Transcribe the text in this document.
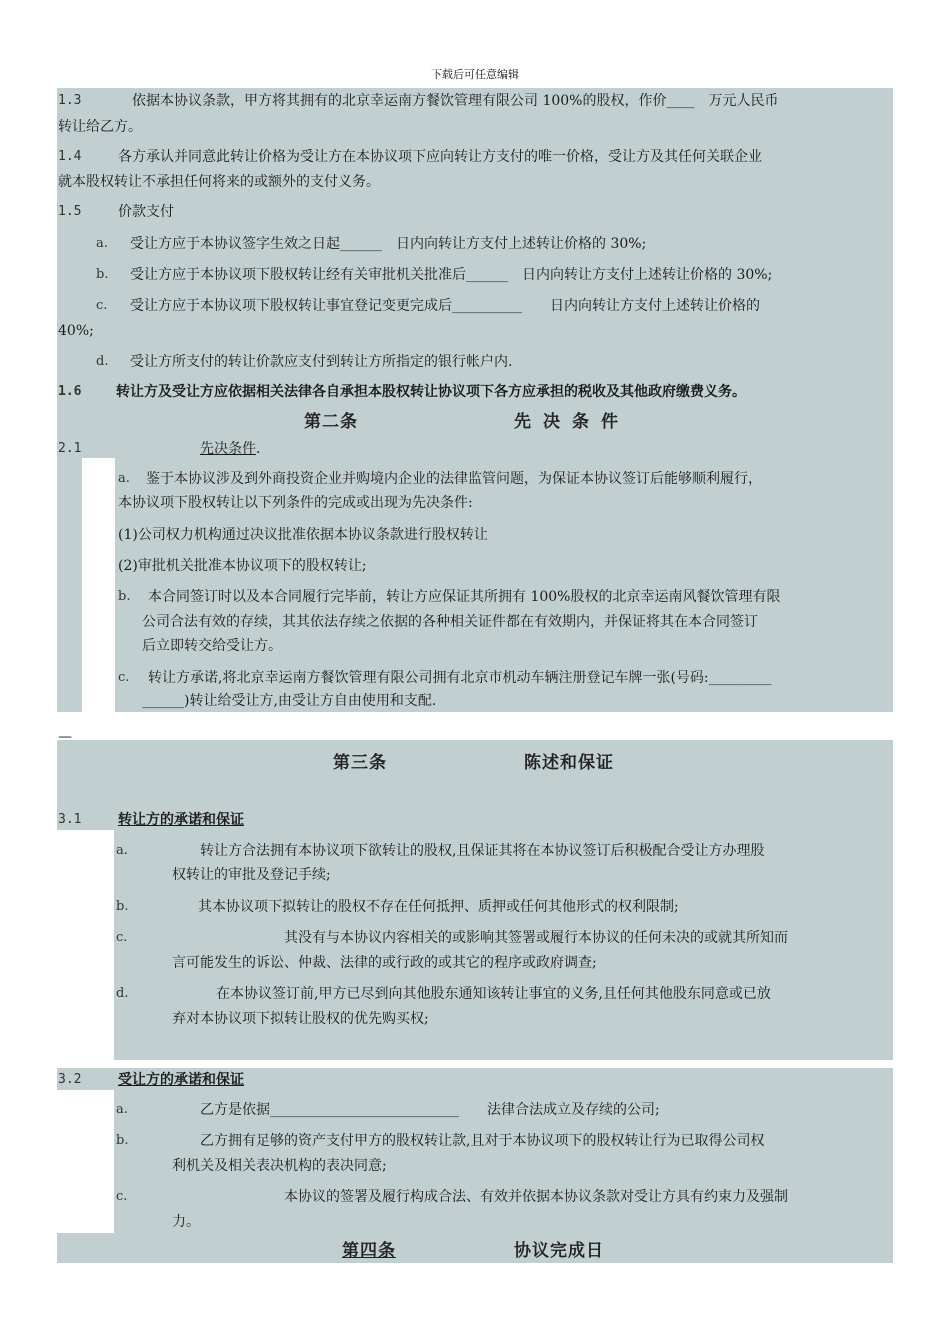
下载后可任意编辑
1.3	依据本协议条款，甲方将其拥有的北京幸运南方餐饮管理有限公司 100%的股权，作价____　万元人民币
转让给乙方。
1.4	各方承认并同意此转让价格为受让方在本协议项下应向转让方支付的唯一价格，受让方及其任何关联企业
就本股权转让不承担任何将来的或额外的支付义务。
1.5	价款支付
a. 受让方应于本协议签字生效之日起______　日内向转让方支付上述转让价格的 30%;
b. 受让方应于本协议项下股权转让经有关审批机关批准后______　日内向转让方支付上述转让价格的 30%;
c. 受让方应于本协议项下股权转让事宜登记变更完成后__________　　日内向转让方支付上述转让价格的
40%;
d. 受让方所支付的转让价款应支付到转让方所指定的银行帐户内.
1.6 转让方及受让方应依据相关法律各自承担本股权转让协议项下各方应承担的税收及其他政府缴费义务。
第二条	先决条件
2.1	先决条件.
a. 鉴于本协议涉及到外商投资企业并购境内企业的法律监管问题，为保证本协议签订后能够顺利履行，
本协议项下股权转让以下列条件的完成或出现为先决条件:
(1)公司权力机构通过决议批准依据本协议条款进行股权转让
(2)审批机关批准本协议项下的股权转让;
b. 本合同签订时以及本合同履行完毕前，转让方应保证其所拥有 100%股权的北京幸运南风餐饮管理有限
公司合法有效的存续，其其依法存续之依据的各种相关证件都在有效期内，并保证将其在本合同签订
后立即转交给受让方。
c. 转让方承诺,将北京幸运南方餐饮管理有限公司拥有北京市机动车辆注册登记车牌一张(号码:_________
______)转让给受让方,由受让方自由使用和支配.
—
第三条	陈述和保证
3.1	转让方的承诺和保证
a.	转让方合法拥有本协议项下欲转让的股权,且保证其将在本协议签订后积极配合受让方办理股
权转让的审批及登记手续;
b.	其本协议项下拟转让的股权不存在任何抵押、质押或任何其他形式的权利限制;
c.	其没有与本协议内容相关的或影响其签署或履行本协议的任何未决的或就其所知而
言可能发生的诉讼、仲裁、法律的或行政的或其它的程序或政府调查;
d.	在本协议签订前,甲方已尽到向其他股东通知该转让事宜的义务,且任何其他股东同意或已放
弃对本协议项下拟转让股权的优先购买权;
3.2	受让方的承诺和保证
a.	乙方是依据___________________________　　法律合法成立及存续的公司;
b.	乙方拥有足够的资产支付甲方的股权转让款,且对于本协议项下的股权转让行为已取得公司权
利机关及相关表决机构的表决同意;
c.	本协议的签署及履行构成合法、有效并依据本协议条款对受让方具有约束力及强制
力。
第四条	协议完成日
